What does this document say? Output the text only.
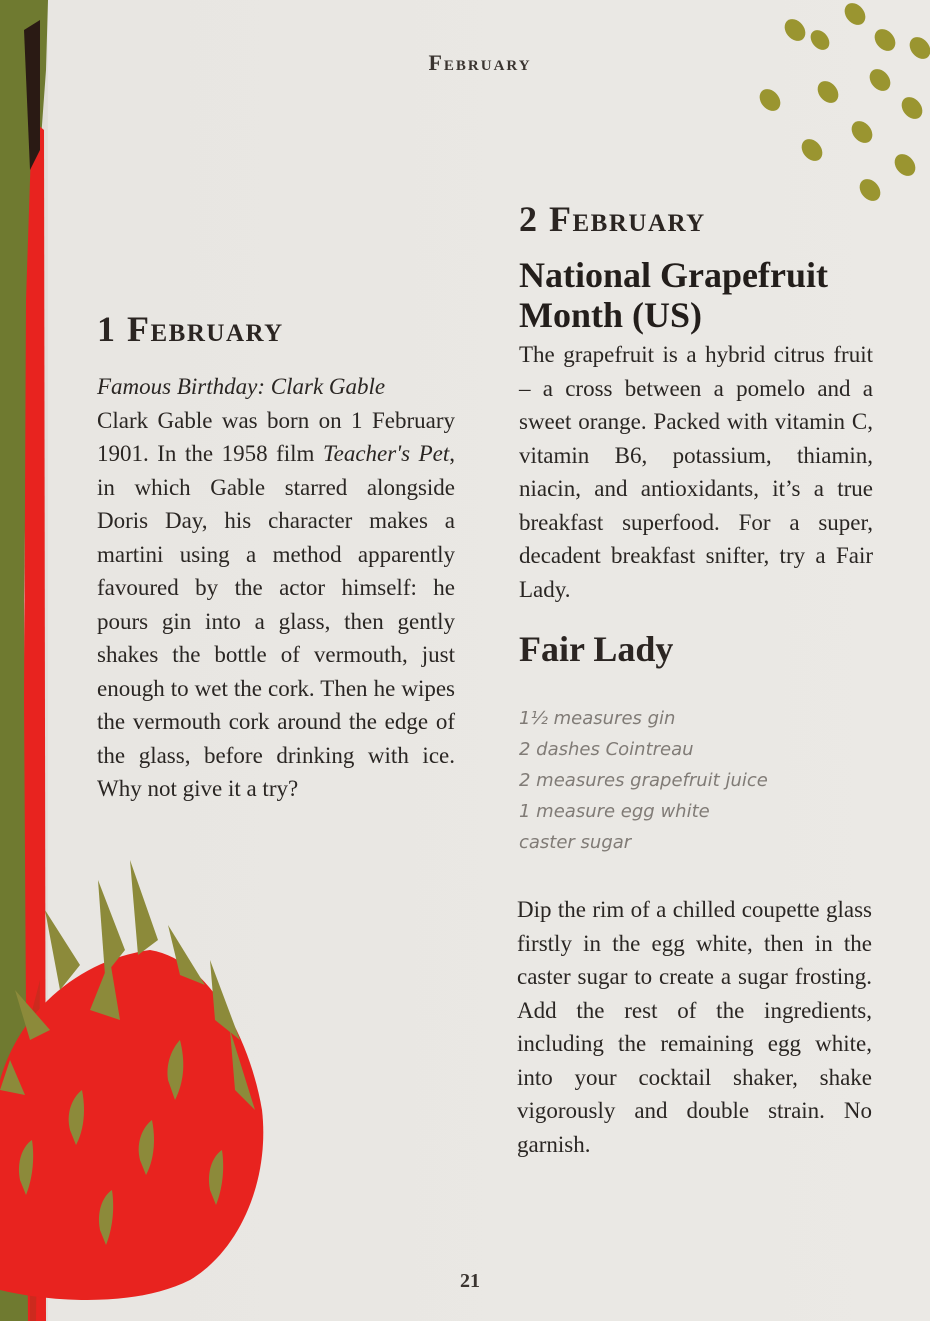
February
1 February
Famous Birthday: Clark Gable
Clark Gable was born on 1 February 1901. In the 1958 film Teacher's Pet, in which Gable starred alongside Doris Day, his character makes a martini using a method apparently favoured by the actor himself: he pours gin into a glass, then gently shakes the bottle of vermouth, just enough to wet the cork. Then he wipes the vermouth cork around the edge of the glass, before drinking with ice. Why not give it a try?
2 February
National Grapefruit Month (US)
The grapefruit is a hybrid citrus fruit – a cross between a pomelo and a sweet orange. Packed with vitamin C, vitamin B6, potassium, thiamin, niacin, and antioxidants, it’s a true breakfast superfood. For a super, decadent breakfast snifter, try a Fair Lady.
Fair Lady
1½ measures gin
2 dashes Cointreau
2 measures grapefruit juice
1 measure egg white
caster sugar
Dip the rim of a chilled coupette glass firstly in the egg white, then in the caster sugar to create a sugar frosting. Add the rest of the ingredients, including the remaining egg white, into your cocktail shaker, shake vigorously and double strain. No garnish.
21
